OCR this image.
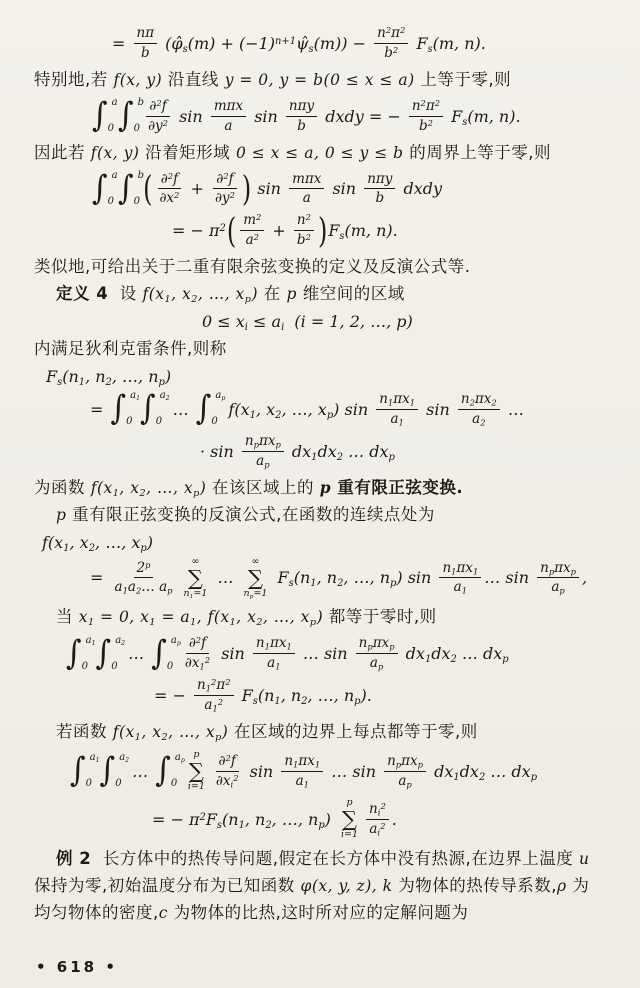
= $\frac{n\pi}{b}$ ($\varphî_s(m)$ + $(-1)^{n+1}\psî_s(m)) - \frac{n^2\pi^2}{b^2} F_s(m$, n).
特别地,若 f(x, y) 沿直线 y = 0, y = b(0 ≤ x ≤ a) 上等于零,则
∫ a
0 ∫ b
$0 \frac{\partial^2f}{\partial y^2}$ $\sin \frac{\text{mπx}}{a}$ $\sin \frac{\text{nπy}}{b}$ dxdy = − $\frac{n^2\pi^2}{b^2} F_s(m$, n).
因此若 f(x, y) 沿着矩形域 0 ≤ x ≤ a, 0 ≤ y ≤ b 的周界上等于零,则
∫ a
0 ∫ b
0 ( $\frac{\partial^2f}{\partial x^2} + \frac{\partial^2f}{\partial y^2}$ ) $\sin \frac{\text{mπx}}{a}$ $\sin \frac{\text{nπy}}{b}$ dxdy
= − $\pi^2$ ( $\frac{m^2}{a^2} + \frac{n^2}{b^2}$ ) $F_s(m$, n).
类似地,可给出关于二重有限余弦变换的定义及反演公式等.
定义 4  设 $f(x_1$, $x_2$, …, $x_p$) 在 p 维空间的区域
$0 \le x_i \le a_i$  (i = 1, 2, …, p)
内满足狄利克雷条件,则称
$F_s(n_1$, $n_2$, …, $n_p$)
= ∫ $a_1$
0 ∫ $a_2$
0
… ∫ $a_p$
0
$f(x_1$, $x_2$, …, $x_p$) $\sin \frac{n_1\pi x_1}{a_1}$ $\sin \frac{n_2\pi x_2}{a_2}$ …
· $\sin \frac{n_p\pi x_p}{a_p} dx_1dx_2$ … $dx_p$
为函数 $f(x_1$, $x_2$, …, $x_p$) 在该区域上的 p 重有限正弦变换.
p 重有限正弦变换的反演公式,在函数的连续点处为
$f(x_1$, $x_2$, …, $x_p$)
= $\frac{2^p}{a_1a_2\dots a_p}$ ∞
∑
$n_1=1$
…
∞
∑
$n_p=1$
$F_s(n_1$, $n_2$, …, $n_p$) $\sin \frac{n_1\pi x_1}{a_1}$ … $\sin \frac{n_p\pi x_p}{a_p}$ ,
当 $x_1 = 0$, $x_1 = a_1$, $f(x_1$, $x_2$, …, $x_p$) 都等于零时,则
∫ $a_1$
0 ∫ $a_2$
0
… ∫ $a_p$
$0 \frac{\partial^2f}{\partial x_1^2}$ $\sin \frac{n_1\pi x_1}{a_1}$ … $\sin \frac{n_p\pi x_p}{a_p} dx_1dx_2$ … $dx_p$
= − $\frac{n_1^2\pi^2}{a_1^2} F_s(n_1$, $n_2$, …, $n_p$).
若函数 $f(x_1$, $x_2$, …, $x_p$) 在区域的边界上每点都等于零,则
∫ $a_1$
0 ∫ $a_2$
0
… ∫ $a_p$
0
p
∑
$i=1 \frac{\partial^2f}{\partial x_i^2}$ $\sin \frac{n_1\pi x_1}{a_1}$ … $\sin \frac{n_p\pi x_p}{a_p} dx_1dx_2$ … $dx_p$
= − $\pi^2F_s(n_1$, $n_2$, …, $n_p$)
p
∑
$i=1 \frac{n_i^2}{a_i^2}$ .
例 2  长方体中的热传导问题,假定在长方体中没有热源,在边界上温度 u
保持为零,初始温度分布为已知函数 φ(x, y, z), k 为物体的热传导系数,ρ 为
均匀物体的密度,c 为物体的比热,这时所对应的定解问题为
• 618 •
